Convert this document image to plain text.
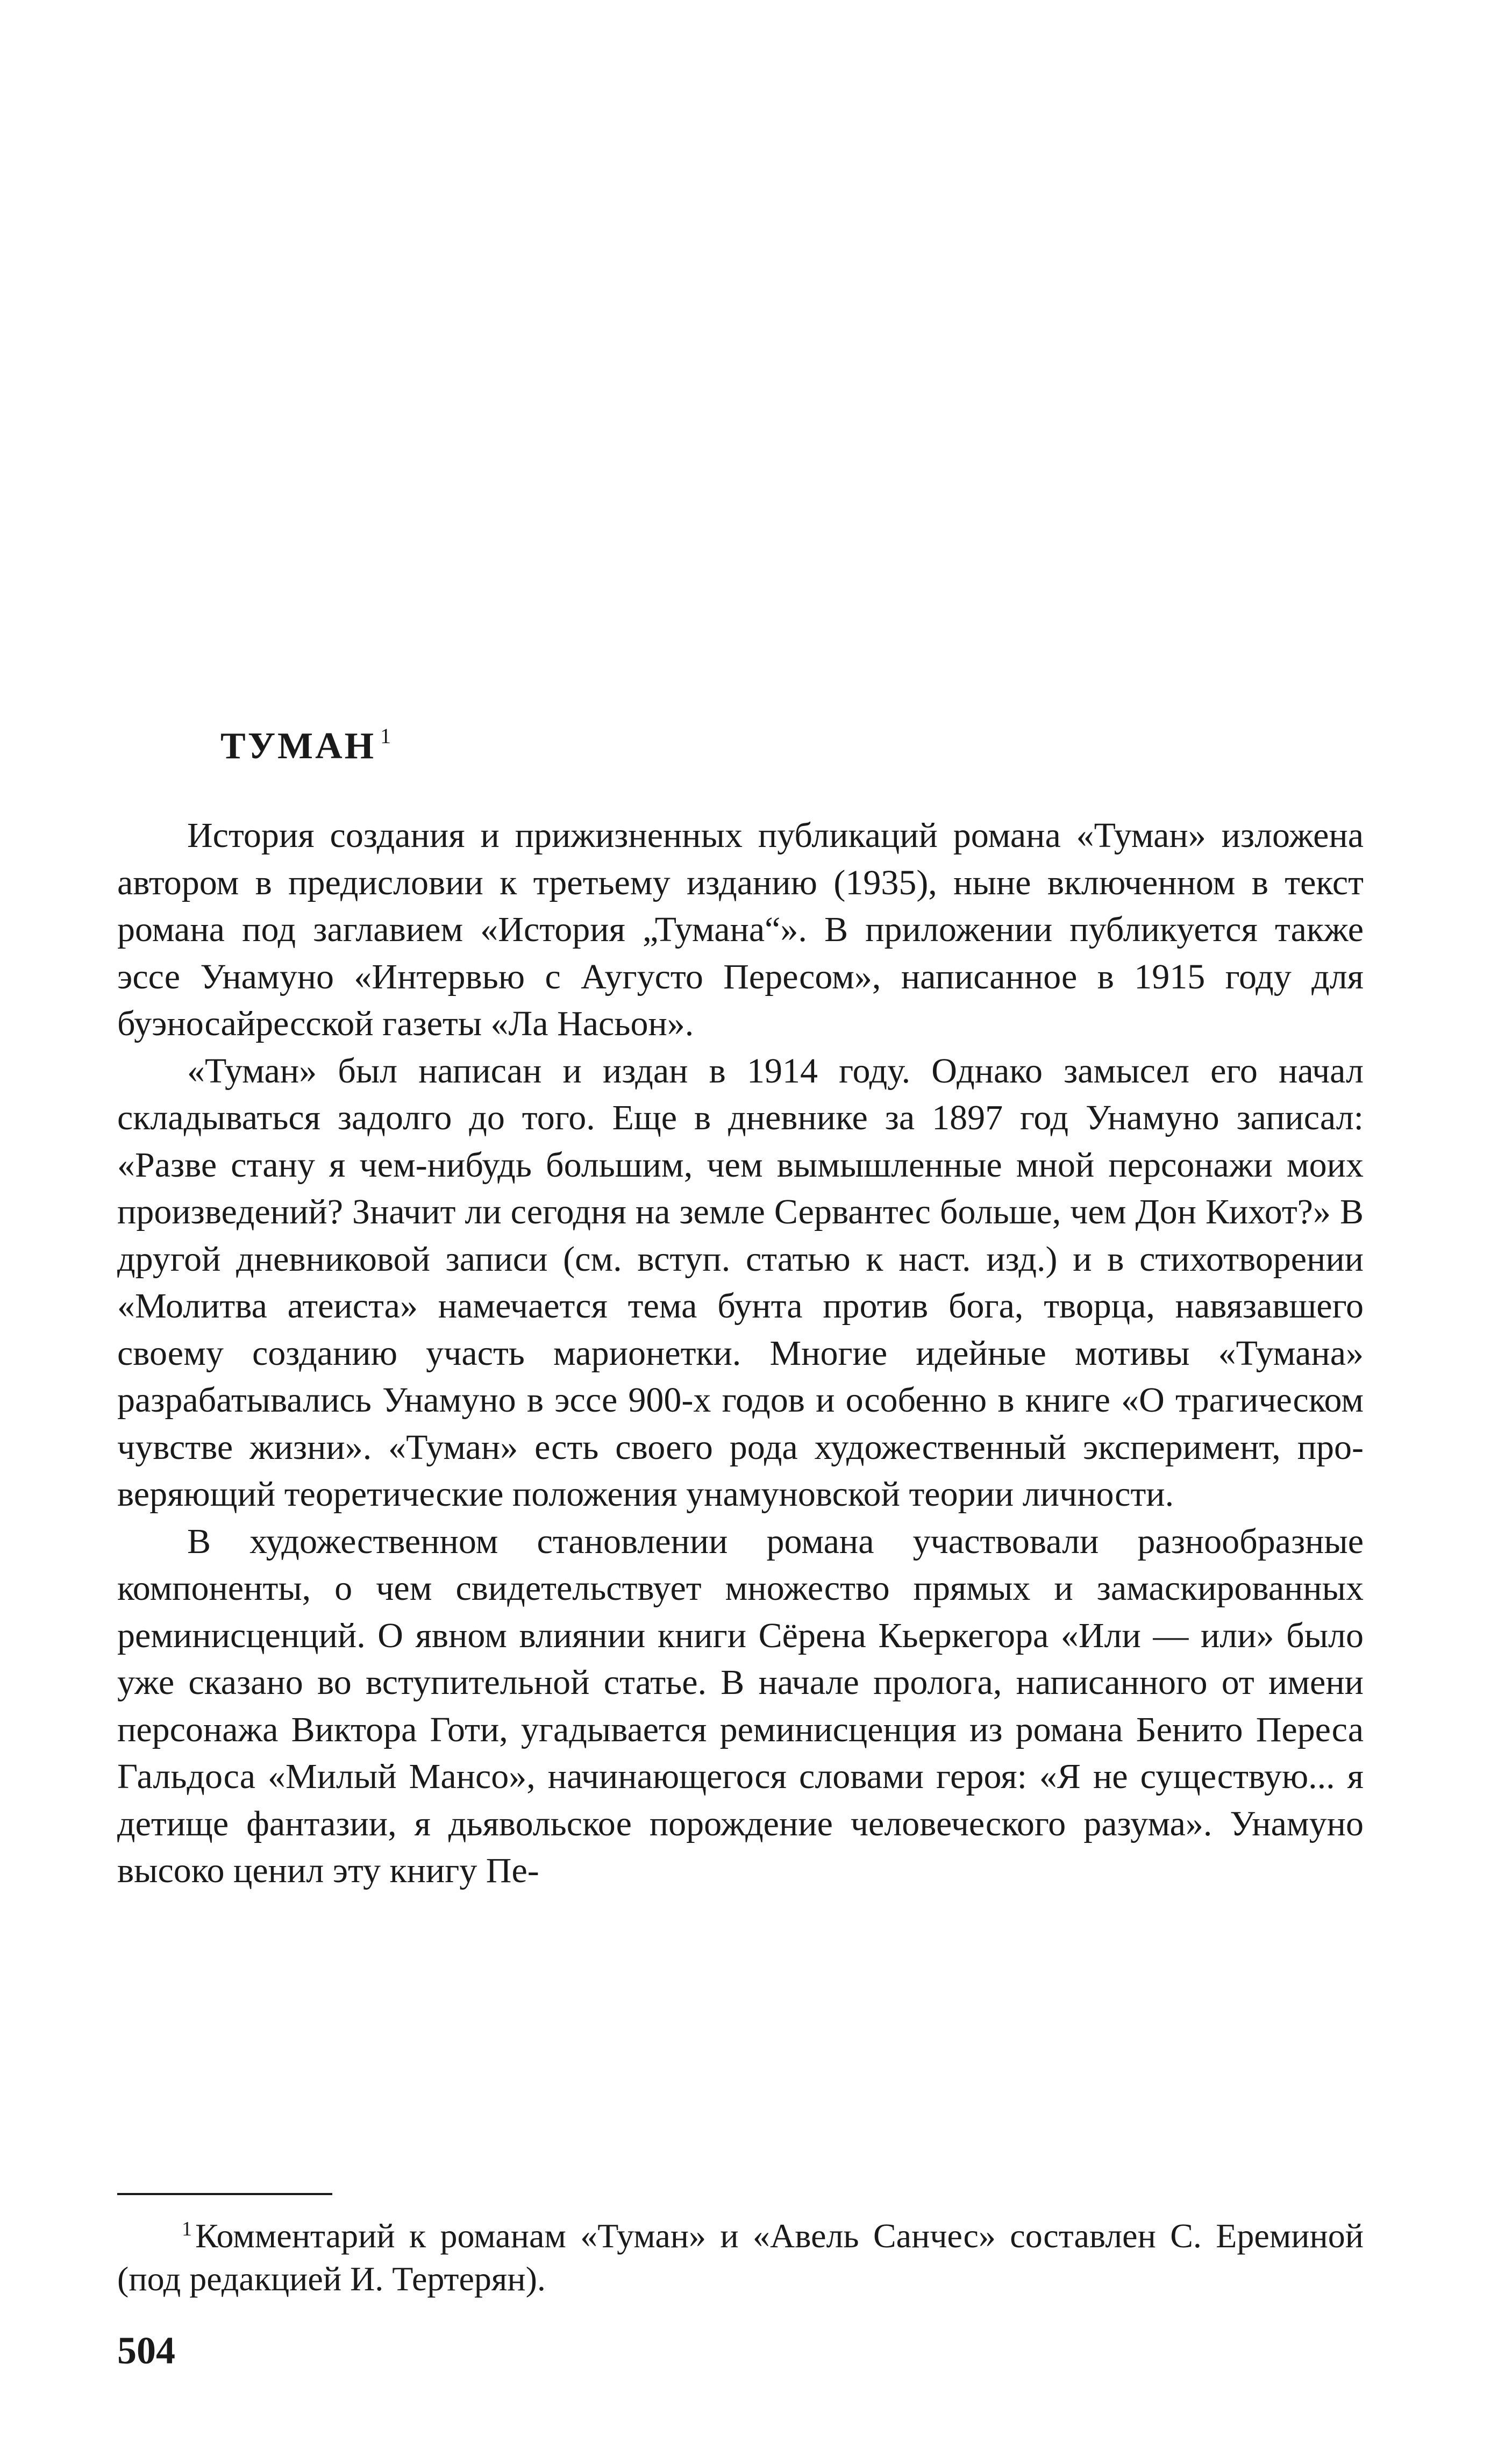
ТУМАН $^1$

История создания и прижизненных публикаций романа «Туман» изложена автором в предисловии к третьему изданию (1935), ныне включенном в текст романа под заглавием «История „Тумана“». В приложении публикуется также эссе Унамуно «Интервью с Аугусто Пересом», написанное в 1915 году для буэносайресской газеты «Ла Насьон».

«Туман» был написан и издан в 1914 году. Однако замысел его начал складываться задолго до того. Еще в дневнике за 1897 год Унамуно записал: «Разве стану я чем-нибудь большим, чем вымышленные мной персонажи моих произведений? Значит ли сегодня на земле Сервантес больше, чем Дон Кихот?» В другой дневниковой записи (см. вступ. статью к наст. изд.) и в стихотворении «Молитва атеиста» намечается тема бунта против бога, творца, навязавшего своему созданию участь марионетки. Многие идейные мотивы «Тумана» разрабатывались Унамуно в эссе 900-х годов и особенно в книге «О трагическом чувстве жизни». «Туман» есть своего рода художественный эксперимент, проверяющий теоретические положения унамуновской теории личности.

В художественном становлении романа участвовали разнообразные компоненты, о чем свидетельствует множество прямых и замаскированных реминисценций. О явном влиянии книги Сёрена Кьеркегора «Или — или» было уже сказано во вступительной статье. В начале пролога, написанного от имени персонажа Виктора Готи, угадывается реминисценция из романа Бенито Переса Гальдоса «Милый Мансо», начинающегося словами героя: «Я не существую... я детище фантазии, я дьявольское порождение человеческого разума». Унамуно высоко ценил эту книгу Пе-

$^1$Комментарий к романам «Туман» и «Авель Санчес» составлен С. Ереминой (под редакцией И. Тертерян).

504
